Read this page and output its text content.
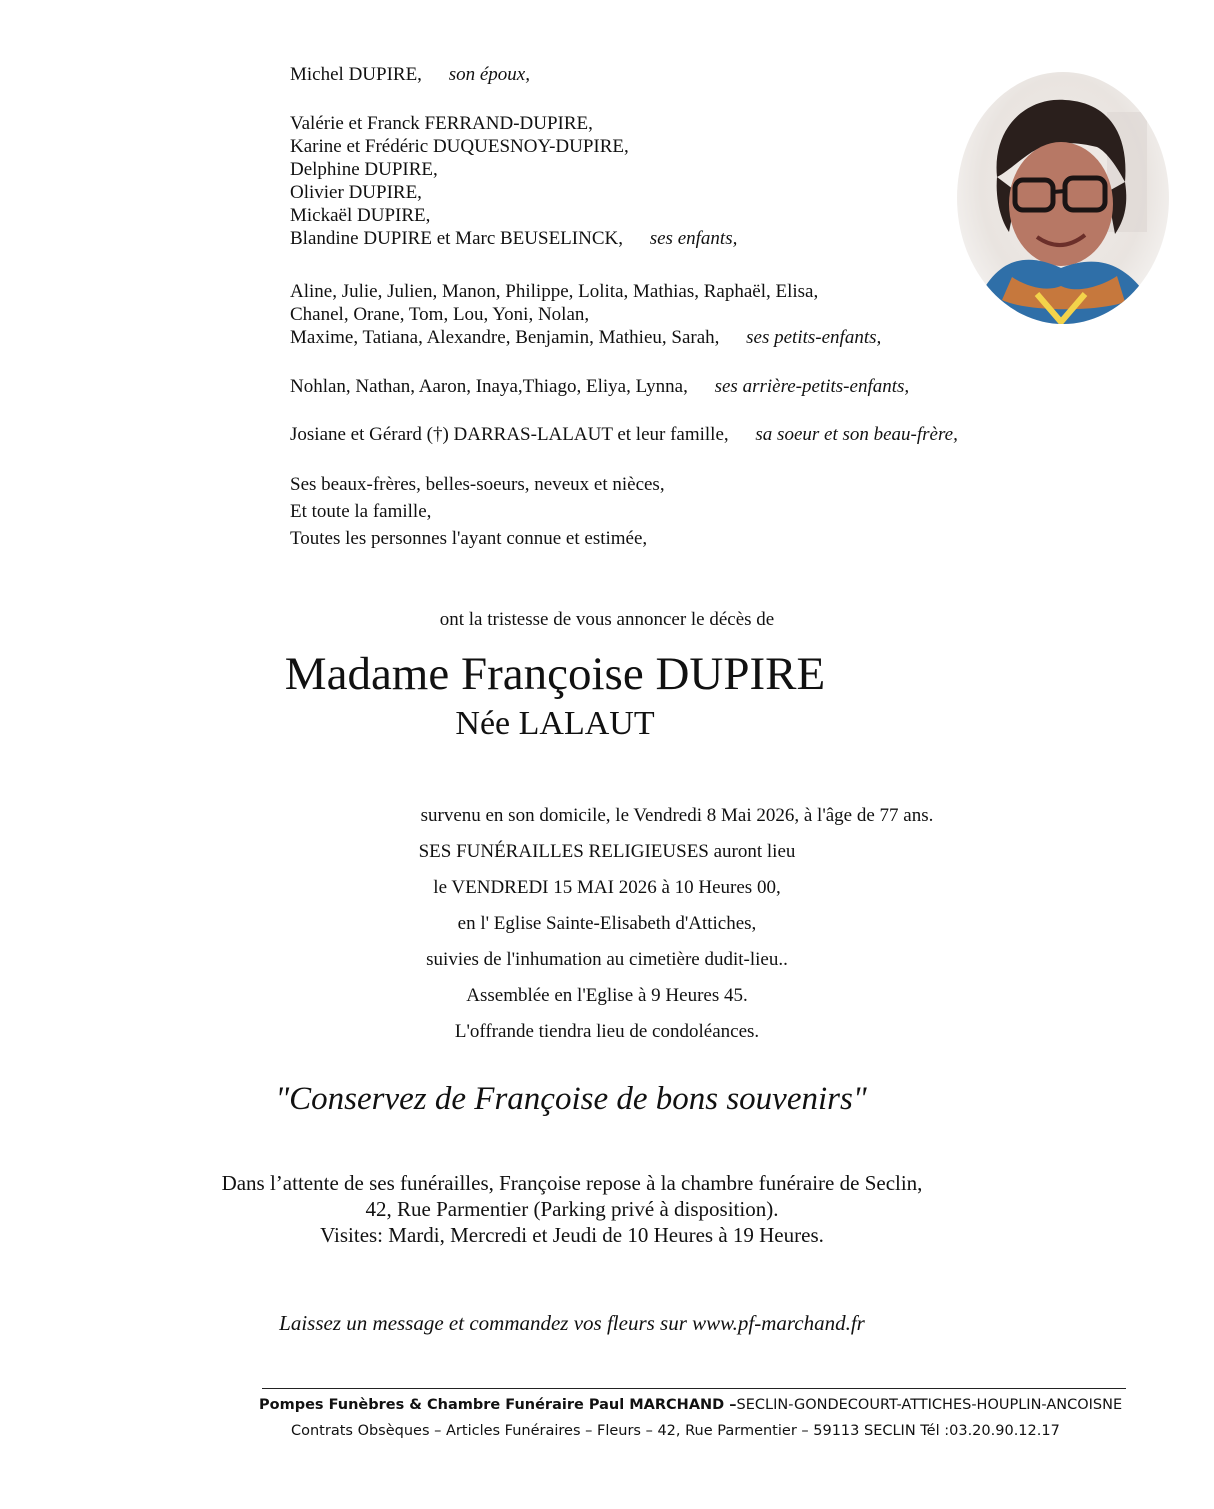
Michel DUPIRE, son époux,
Valérie et Franck FERRAND-DUPIRE,
Karine et Frédéric DUQUESNOY-DUPIRE,
Delphine DUPIRE,
Olivier DUPIRE,
Mickaël DUPIRE,
Blandine DUPIRE et Marc BEUSELINCK, ses enfants,
Aline, Julie, Julien, Manon, Philippe, Lolita, Mathias, Raphaël, Elisa,
Chanel, Orane, Tom, Lou, Yoni, Nolan,
Maxime, Tatiana, Alexandre, Benjamin, Mathieu, Sarah, ses petits-enfants,
Nohlan, Nathan, Aaron, Inaya,Thiago, Eliya, Lynna, ses arrière-petits-enfants,
Josiane et Gérard (†) DARRAS-LALAUT et leur famille, sa soeur et son beau-frère,
Ses beaux-frères, belles-soeurs, neveux et nièces,
Et toute la famille,
Toutes les personnes l'ayant connue et estimée,
ont la tristesse de vous annoncer le décès de
Madame Françoise DUPIRE
Née LALAUT
survenu en son domicile, le Vendredi 8 Mai 2026, à l'âge de 77 ans.
SES FUNÉRAILLES RELIGIEUSES auront lieu
le VENDREDI 15 MAI 2026 à 10 Heures 00,
en l' Eglise Sainte-Elisabeth d'Attiches,
suivies de l'inhumation au cimetière dudit-lieu..
Assemblée en l'Eglise à 9 Heures 45.
L'offrande tiendra lieu de condoléances.
"Conservez de Françoise de bons souvenirs"
Dans l’attente de ses funérailles, Françoise repose à la chambre funéraire de Seclin,
42, Rue Parmentier (Parking privé à disposition).
Visites: Mardi, Mercredi et Jeudi de 10 Heures à 19 Heures.
Laissez un message et commandez vos fleurs sur www.pf-marchand.fr
Pompes Funèbres & Chambre Funéraire Paul MARCHAND –SECLIN-GONDECOURT-ATTICHES-HOUPLIN-ANCOISNE
Contrats Obsèques – Articles Funéraires – Fleurs – 42, Rue Parmentier – 59113 SECLIN Tél :03.20.90.12.17
